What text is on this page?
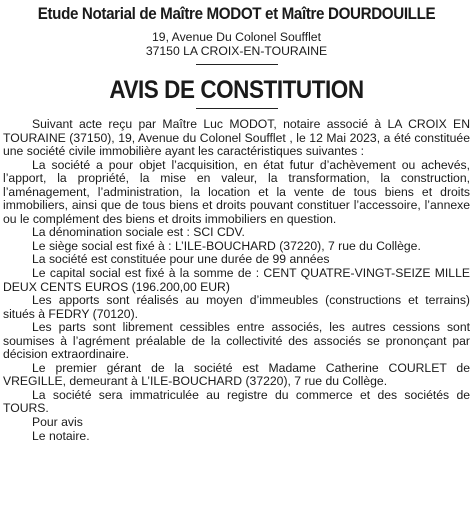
Etude Notarial de Maître MODOT et Maître DOURDOUILLE
19, Avenue Du Colonel Soufflet
37150 LA CROIX-EN-TOURAINE
AVIS DE CONSTITUTION

Suivant acte reçu par Maître Luc MODOT, notaire associé à LA CROIX EN TOURAINE (37150), 19, Avenue du Colonel Soufflet , le 12 Mai 2023, a été constituée une société civile immobilière ayant les caractéristiques suivantes :

La société a pour objet l’acquisition, en état futur d’achèvement ou achevés, l’apport, la propriété, la mise en valeur, la transformation, la construction, l’aménagement, l’administration, la location et la vente de tous biens et droits immobiliers, ainsi que de tous biens et droits pouvant constituer l’accessoire, l’annexe ou le complément des biens et droits immobiliers en question.

La dénomination sociale est : SCI CDV.

Le siège social est fixé à : L’ILE-BOUCHARD (37220), 7 rue du Collège.

La société est constituée pour une durée de 99 années

Le capital social est fixé à la somme de : CENT QUATRE-VINGT-SEIZE MILLE DEUX CENTS EUROS (196.200,00 EUR)

Les apports sont réalisés au moyen d’immeubles (constructions et terrains) situés à FEDRY (70120).

Les parts sont librement cessibles entre associés, les autres cessions sont soumises à l’agrément préalable de la collectivité des associés se prononçant par décision extraordinaire.

Le premier gérant de la société est Madame Catherine COURLET de VREGILLE, demeurant à L’ILE-BOUCHARD (37220), 7 rue du Collège.

La société sera immatriculée au registre du commerce et des sociétés de TOURS.

Pour avis

Le notaire.
